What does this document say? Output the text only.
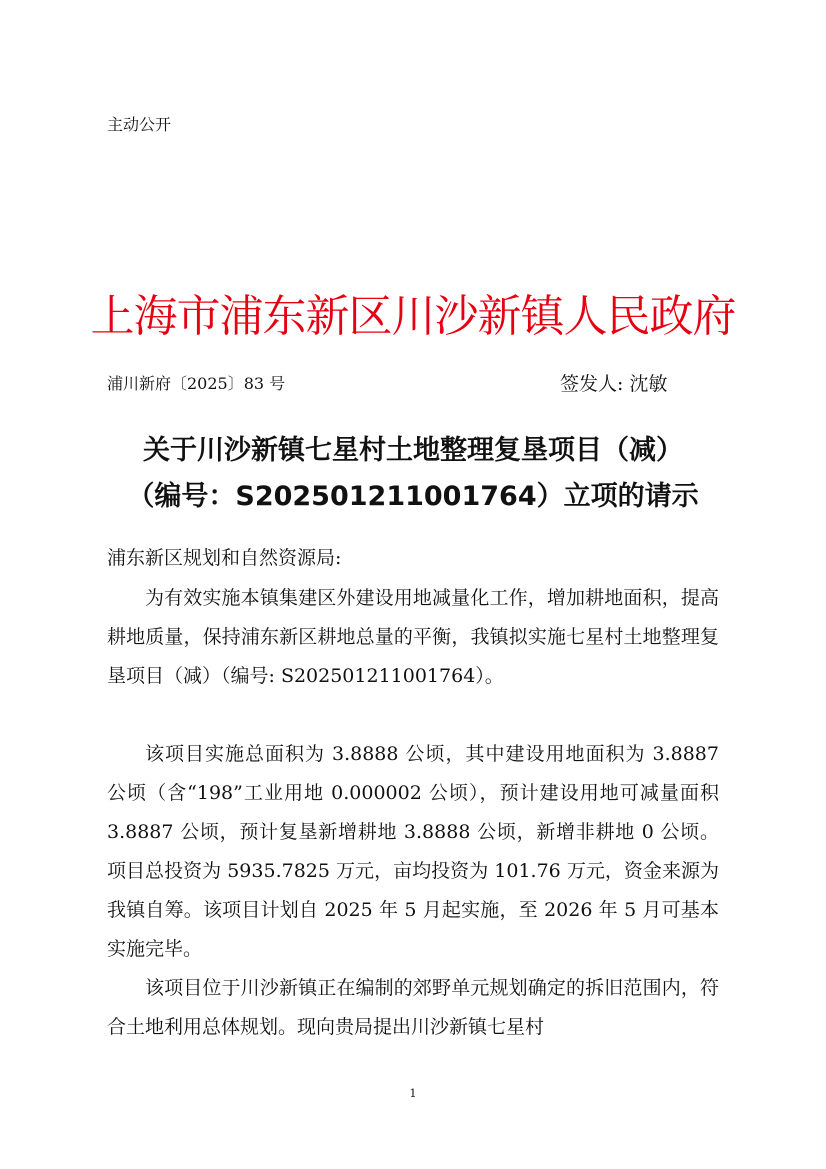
主动公开
上海市浦东新区川沙新镇人民政府
浦川新府〔2025〕83 号	签发人: 沈敏
关于川沙新镇七星村土地整理复垦项目（减）
（编号：S202501211001764）立项的请示
浦东新区规划和自然资源局:
为有效实施本镇集建区外建设用地减量化工作，增加耕地面积，提高耕地质量，保持浦东新区耕地总量的平衡，我镇拟实施七星村土地整理复垦项目（减）（编号: S202501211001764）。
该项目实施总面积为 3.8888 公顷，其中建设用地面积为 3.8887 公顷（含“198”工业用地 0.000002 公顷），预计建设用地可减量面积 3.8887 公顷，预计复垦新增耕地 3.8888 公顷，新增非耕地 0 公顷。项目总投资为 5935.7825 万元，亩均投资为 101.76 万元，资金来源为我镇自筹。该项目计划自 2025 年 5 月起实施，至 2026 年 5 月可基本实施完毕。
该项目位于川沙新镇正在编制的郊野单元规划确定的拆旧范围内，符合土地利用总体规划。现向贵局提出川沙新镇七星村
1
